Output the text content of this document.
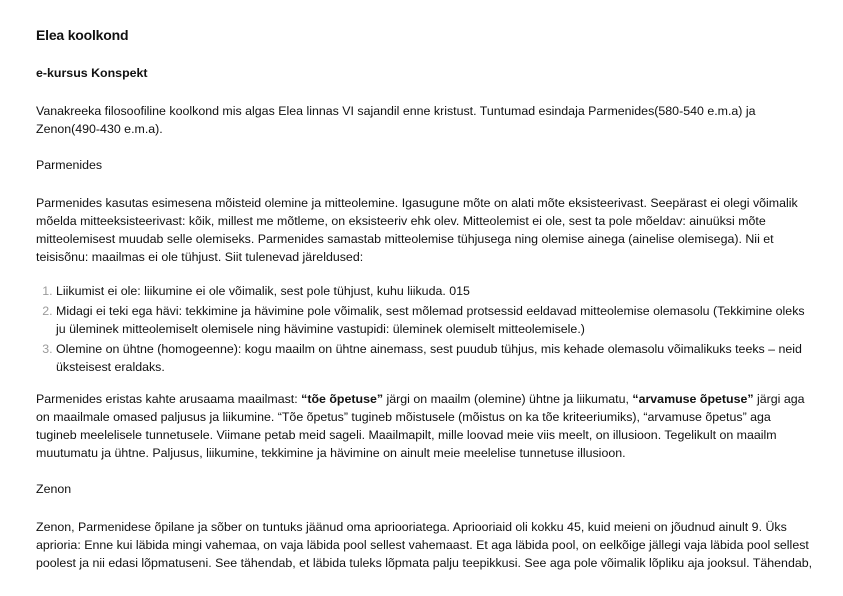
Elea koolkond
e-kursus Konspekt

Vanakreeka filosoofiline koolkond mis algas Elea linnas VI sajandil enne kristust. Tuntumad esindaja Parmenides(580-540 e.m.a) ja Zenon(490-430 e.m.a).

Parmenides

Parmenides kasutas esimesena mõisteid olemine ja mitteolemine. Igasugune mõte on alati mõte eksisteerivast. Seepärast ei olegi võimalik mõelda mitteeksisteerivast: kõik, millest me mõtleme, on eksisteeriv ehk olev. Mitteolemist ei ole, sest ta pole mõeldav: ainuüksi mõte mitteolemisest muudab selle olemiseks. Parmenides samastab mitteolemise tühjusega ning olemise ainega (ainelise olemisega). Nii et teisisõnu: maailmas ei ole tühjust. Siit tulenevad järeldused:

1. Liikumist ei ole: liikumine ei ole võimalik, sest pole tühjust, kuhu liikuda. 015
2. Midagi ei teki ega hävi: tekkimine ja hävimine pole võimalik, sest mõlemad protsessid eeldavad mitteolemise olemasolu (Tekkimine oleks ju üleminek mitteolemiselt olemisele ning hävimine vastupidi: üleminek olemiselt mitteolemisele.)
3. Olemine on ühtne (homogeenne): kogu maailm on ühtne ainemass, sest puudub tühjus, mis kehade olemasolu võimalikuks teeks – neid üksteisest eraldaks.

Parmenides eristas kahte arusaama maailmast: “tõe õpetuse” järgi on maailm (olemine) ühtne ja liikumatu, “arvamuse õpetuse” järgi aga on maailmale omased paljusus ja liikumine. “Tõe õpetus” tugineb mõistusele (mõistus on ka tõe kriteeriumiks), “arvamuse õpetus” aga tugineb meelelisele tunnetusele. Viimane petab meid sageli. Maailmapilt, mille loovad meie viis meelt, on illusioon. Tegelikult on maailm muutumatu ja ühtne. Paljusus, liikumine, tekkimine ja hävimine on ainult meie meelelise tunnetuse illusioon.

Zenon

Zenon, Parmenidese õpilane ja sõber on tuntuks jäänud oma apriooriatega. Apriooriaid oli kokku 45, kuid meieni on jõudnud ainult 9. Üks aprioria: Enne kui läbida mingi vahemaa, on vaja läbida pool sellest vahemaast. Et aga läbida pool, on eelkõige jällegi vaja läbida pool sellest poolest ja nii edasi lõpmatuseni. See tähendab, et läbida tuleks lõpmata palju teepikkusi. See aga pole võimalik lõpliku aja jooksul. Tähendab,
